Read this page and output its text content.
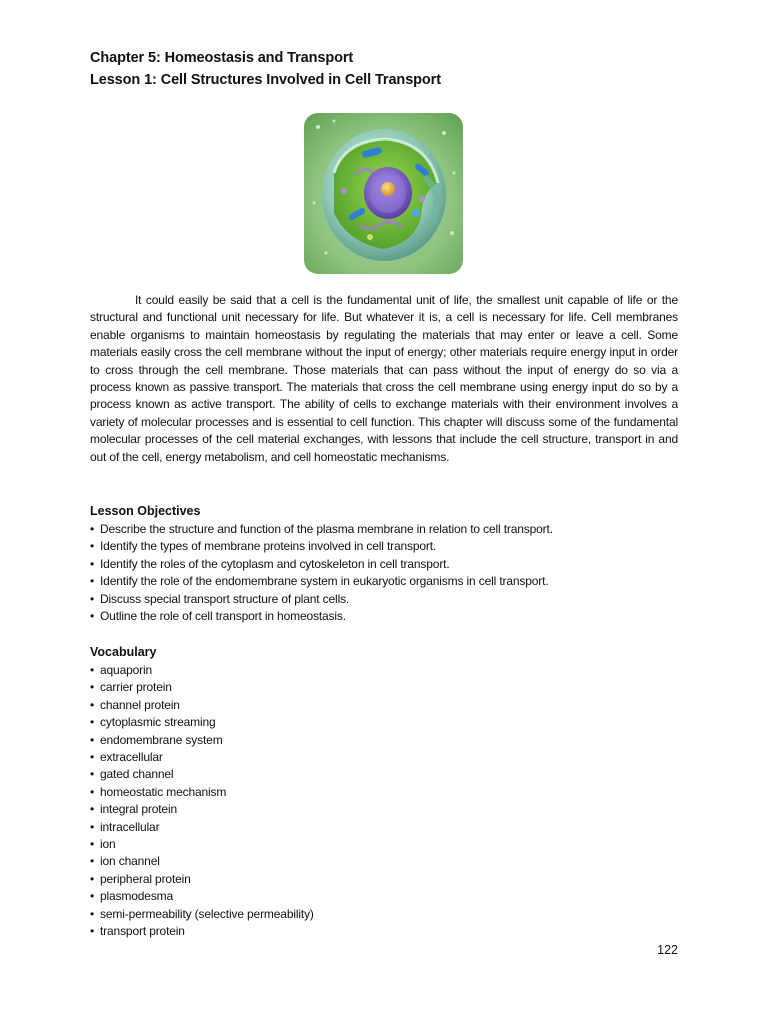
Chapter 5: Homeostasis and Transport
Lesson 1: Cell Structures Involved in Cell Transport

It could easily be said that a cell is the fundamental unit of life, the smallest unit capable of life or the structural and functional unit necessary for life. But whatever it is, a cell is necessary for life. Cell membranes enable organisms to maintain homeostasis by regulating the materials that may enter or leave a cell. Some materials easily cross the cell membrane without the input of energy; other materials require energy input in order to cross through the cell membrane. Those materials that can pass without the input of energy do so via a process known as passive transport. The materials that cross the cell membrane using energy input do so by a process known as active transport. The ability of cells to exchange materials with their environment involves a variety of molecular processes and is essential to cell function. This chapter will discuss some of the fundamental molecular processes of the cell material exchanges, with lessons that include the cell structure, transport in and out of the cell, energy metabolism, and cell homeostatic mechanisms.

Lesson Objectives

• Describe the structure and function of the plasma membrane in relation to cell transport.
• Identify the types of membrane proteins involved in cell transport.
• Identify the roles of the cytoplasm and cytoskeleton in cell transport.
• Identify the role of the endomembrane system in eukaryotic organisms in cell transport.
• Discuss special transport structure of plant cells.
• Outline the role of cell transport in homeostasis.

Vocabulary

• aquaporin
• carrier protein
• channel protein
• cytoplasmic streaming
• endomembrane system
• extracellular
• gated channel
• homeostatic mechanism
• integral protein
• intracellular
• ion
• ion channel
• peripheral protein
• plasmodesma
• semi-permeability (selective permeability)
• transport protein
122
